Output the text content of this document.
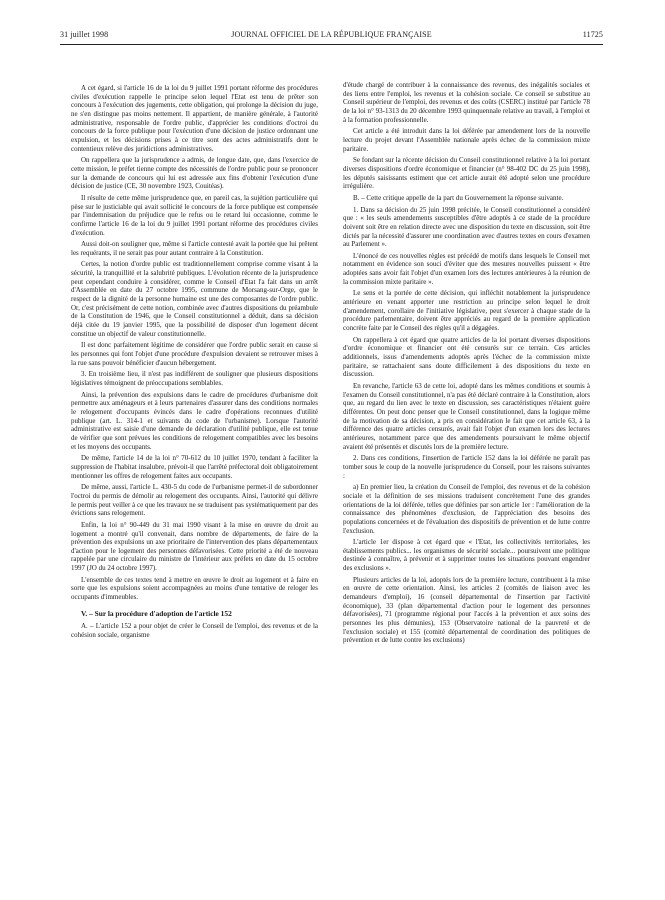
31 juillet 1998	JOURNAL OFFICIEL DE LA RÉPUBLIQUE FRANÇAISE	11725

A cet égard, si l'article 16 de la loi du 9 juillet 1991 portant réforme des procédures civiles d'exécution rappelle le principe selon lequel l'Etat est tenu de prêter son concours à l'exécution des jugements, cette obligation, qui prolonge la décision du juge, ne s'en distingue pas moins nettement. Il appartient, de manière générale, à l'autorité administrative, responsable de l'ordre public, d'apprécier les conditions d'octroi du concours de la force publique pour l'exécution d'une décision de justice ordonnant une expulsion, et les décisions prises à ce titre sont des actes administratifs dont le contentieux relève des juridictions administratives.

On rappellera que la jurisprudence a admis, de longue date, que, dans l'exercice de cette mission, le préfet tienne compte des nécessités de l'ordre public pour se prononcer sur la demande de concours qui lui est adressée aux fins d'obtenir l'exécution d'une décision de justice (CE, 30 novembre 1923, Couitéas).

Il résulte de cette même jurisprudence que, en pareil cas, la sujétion particulière qui pèse sur le justiciable qui avait sollicité le concours de la force publique est compensée par l'indemnisation du préjudice que le refus ou le retard lui occasionne, comme le confirme l'article 16 de la loi du 9 juillet 1991 portant réforme des procédures civiles d'exécution.

Aussi doit-on souligner que, même si l'article contesté avait la portée que lui prêtent les requérants, il ne serait pas pour autant contraire à la Constitution.

Certes, la notion d'ordre public est traditionnellement comprise comme visant à la sécurité, la tranquillité et la salubrité publiques. L'évolution récente de la jurisprudence peut cependant conduire à considérer, comme le Conseil d'Etat l'a fait dans un arrêt d'Assemblée en date du 27 octobre 1995, commune de Morsang-sur-Orge, que le respect de la dignité de la personne humaine est une des composantes de l'ordre public. Or, c'est précisément de cette notion, combinée avec d'autres dispositions du préambule de la Constitution de 1946, que le Conseil constitutionnel a déduit, dans sa décision déjà citée du 19 janvier 1995, que la possibilité de disposer d'un logement décent constitue un objectif de valeur constitutionnelle.

Il est donc parfaitement légitime de considérer que l'ordre public serait en cause si les personnes qui font l'objet d'une procédure d'expulsion devaient se retrouver mises à la rue sans pouvoir bénéficier d'aucun hébergement.

3. En troisième lieu, il n'est pas indifférent de souligner que plusieurs dispositions législatives témoignent de préoccupations semblables.

Ainsi, la prévention des expulsions dans le cadre de procédures d'urbanisme doit permettre aux aménageurs et à leurs partenaires d'assurer dans des conditions normales le relogement d'occupants évincés dans le cadre d'opérations reconnues d'utilité publique (art. L. 314-1 et suivants du code de l'urbanisme). Lorsque l'autorité administrative est saisie d'une demande de déclaration d'utilité publique, elle est tenue de vérifier que sont prévues les conditions de relogement compatibles avec les besoins et les moyens des occupants.

De même, l'article 14 de la loi n° 70-612 du 10 juillet 1970, tendant à faciliter la suppression de l'habitat insalubre, prévoit-il que l'arrêté préfectoral doit obligatoirement mentionner les offres de relogement faites aux occupants.

De même, aussi, l'article L. 430-5 du code de l'urbanisme permet-il de subordonner l'octroi du permis de démolir au relogement des occupants. Ainsi, l'autorité qui délivre le permis peut veiller à ce que les travaux ne se traduisent pas systématiquement par des évictions sans relogement.

Enfin, la loi n° 90-449 du 31 mai 1990 visant à la mise en œuvre du droit au logement a montré qu'il convenait, dans nombre de départements, de faire de la prévention des expulsions un axe prioritaire de l'intervention des plans départementaux d'action pour le logement des personnes défavorisées. Cette priorité a été de nouveau rappelée par une circulaire du ministre de l'intérieur aux préfets en date du 15 octobre 1997 (JO du 24 octobre 1997).

L'ensemble de ces textes tend à mettre en œuvre le droit au logement et à faire en sorte que les expulsions soient accompagnées au moins d'une tentative de reloger les occupants d'immeubles.

V. – Sur la procédure d'adoption de l'article 152

A. – L'article 152 a pour objet de créer le Conseil de l'emploi, des revenus et de la cohésion sociale, organisme

d'étude chargé de contribuer à la connaissance des revenus, des inégalités sociales et des liens entre l'emploi, les revenus et la cohésion sociale. Ce conseil se substitue au Conseil supérieur de l'emploi, des revenus et des coûts (CSERC) institué par l'article 78 de la loi n° 93-1313 du 20 décembre 1993 quinquennale relative au travail, à l'emploi et à la formation professionnelle.

Cet article a été introduit dans la loi déférée par amendement lors de la nouvelle lecture du projet devant l'Assemblée nationale après échec de la commission mixte paritaire.

Se fondant sur la récente décision du Conseil constitutionnel relative à la loi portant diverses dispositions d'ordre économique et financier (n° 98-402 DC du 25 juin 1998), les députés saisissants estiment que cet article aurait été adopté selon une procédure irrégulière.

B. – Cette critique appelle de la part du Gouvernement la réponse suivante.

1. Dans sa décision du 25 juin 1998 précitée, le Conseil constitutionnel a considéré que : « les seuls amendements susceptibles d'être adoptés à ce stade de la procédure doivent soit être en relation directe avec une disposition du texte en discussion, soit être dictés par la nécessité d'assurer une coordination avec d'autres textes en cours d'examen au Parlement ».

L'énoncé de ces nouvelles règles est précédé de motifs dans lesquels le Conseil met notamment en évidence son souci d'éviter que des mesures nouvelles puissent « être adoptées sans avoir fait l'objet d'un examen lors des lectures antérieures à la réunion de la commission mixte paritaire ».

Le sens et la portée de cette décision, qui infléchit notablement la jurisprudence antérieure en venant apporter une restriction au principe selon lequel le droit d'amendement, corollaire de l'initiative législative, peut s'exercer à chaque stade de la procédure parlementaire, doivent être appréciés au regard de la première application concrète faite par le Conseil des règles qu'il a dégagées.

On rappellera à cet égard que quatre articles de la loi portant diverses dispositions d'ordre économique et financier ont été censurés sur ce terrain. Ces articles additionnels, issus d'amendements adoptés après l'échec de la commission mixte paritaire, se rattachaient sans doute difficilement à des dispositions du texte en discussion.

En revanche, l'article 63 de cette loi, adopté dans les mêmes conditions et soumis à l'examen du Conseil constitutionnel, n'a pas été déclaré contraire à la Constitution, alors que, au regard du lien avec le texte en discussion, ses caractéristiques n'étaient guère différentes. On peut donc penser que le Conseil constitutionnel, dans la logique même de la motivation de sa décision, a pris en considération le fait que cet article 63, à la différence des quatre articles censurés, avait fait l'objet d'un examen lors des lectures antérieures, notamment parce que des amendements poursuivant le même objectif avaient été présentés et discutés lors de la première lecture.

2. Dans ces conditions, l'insertion de l'article 152 dans la loi déférée ne paraît pas tomber sous le coup de la nouvelle jurisprudence du Conseil, pour les raisons suivantes :

a) En premier lieu, la création du Conseil de l'emploi, des revenus et de la cohésion sociale et la définition de ses missions traduisent concrètement l'une des grandes orientations de la loi déférée, telles que définies par son article 1er : l'amélioration de la connaissance des phénomènes d'exclusion, de l'appréciation des besoins des populations concernées et de l'évaluation des dispositifs de prévention et de lutte contre l'exclusion.

L'article 1er dispose à cet égard que « l'Etat, les collectivités territoriales, les établissements publics... les organismes de sécurité sociale... poursuivent une politique destinée à connaître, à prévenir et à supprimer toutes les situations pouvant engendrer des exclusions ».

Plusieurs articles de la loi, adoptés lors de la première lecture, contribuent à la mise en œuvre de cette orientation. Ainsi, les articles 2 (comités de liaison avec les demandeurs d'emploi), 16 (conseil départemental de l'insertion par l'activité économique), 33 (plan départemental d'action pour le logement des personnes défavorisées), 71 (programme régional pour l'accès à la prévention et aux soins des personnes les plus démunies), 153 (Observatoire national de la pauvreté et de l'exclusion sociale) et 155 (comité départemental de coordination des politiques de prévention et de lutte contre les exclusions)
